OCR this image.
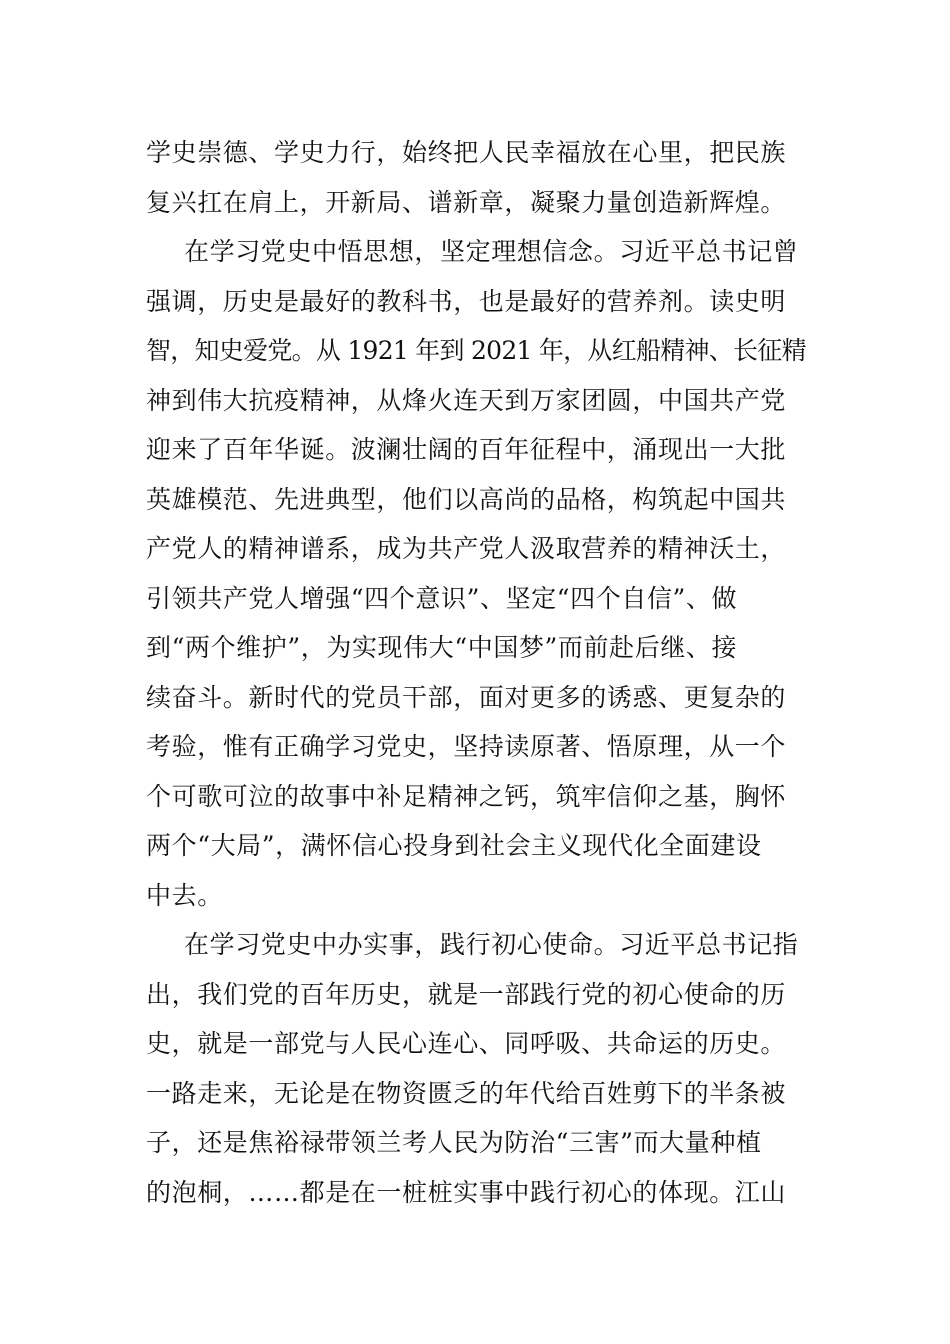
学史崇德、学史力行，始终把人民幸福放在心里，把民族
复兴扛在肩上，开新局、谱新章，凝聚力量创造新辉煌。
在学习党史中悟思想，坚定理想信念。习近平总书记曾
强调，历史是最好的教科书，也是最好的营养剂。读史明
智，知史爱党。从 1921 年到 2021 年，从红船精神、长征精
神到伟大抗疫精神，从烽火连天到万家团圆，中国共产党
迎来了百年华诞。波澜壮阔的百年征程中，涌现出一大批
英雄模范、先进典型，他们以高尚的品格，构筑起中国共
产党人的精神谱系，成为共产党人汲取营养的精神沃土，
引领共产党人增强“四个意识”、坚定“四个自信”、做
到“两个维护”，为实现伟大“中国梦”而前赴后继、接
续奋斗。新时代的党员干部，面对更多的诱惑、更复杂的
考验，惟有正确学习党史，坚持读原著、悟原理，从一个
个可歌可泣的故事中补足精神之钙，筑牢信仰之基，胸怀
两个“大局”，满怀信心投身到社会主义现代化全面建设
中去。
在学习党史中办实事，践行初心使命。习近平总书记指
出，我们党的百年历史，就是一部践行党的初心使命的历
史，就是一部党与人民心连心、同呼吸、共命运的历史。
一路走来，无论是在物资匮乏的年代给百姓剪下的半条被
子，还是焦裕禄带领兰考人民为防治“三害”而大量种植
的泡桐，……都是在一桩桩实事中践行初心的体现。江山
